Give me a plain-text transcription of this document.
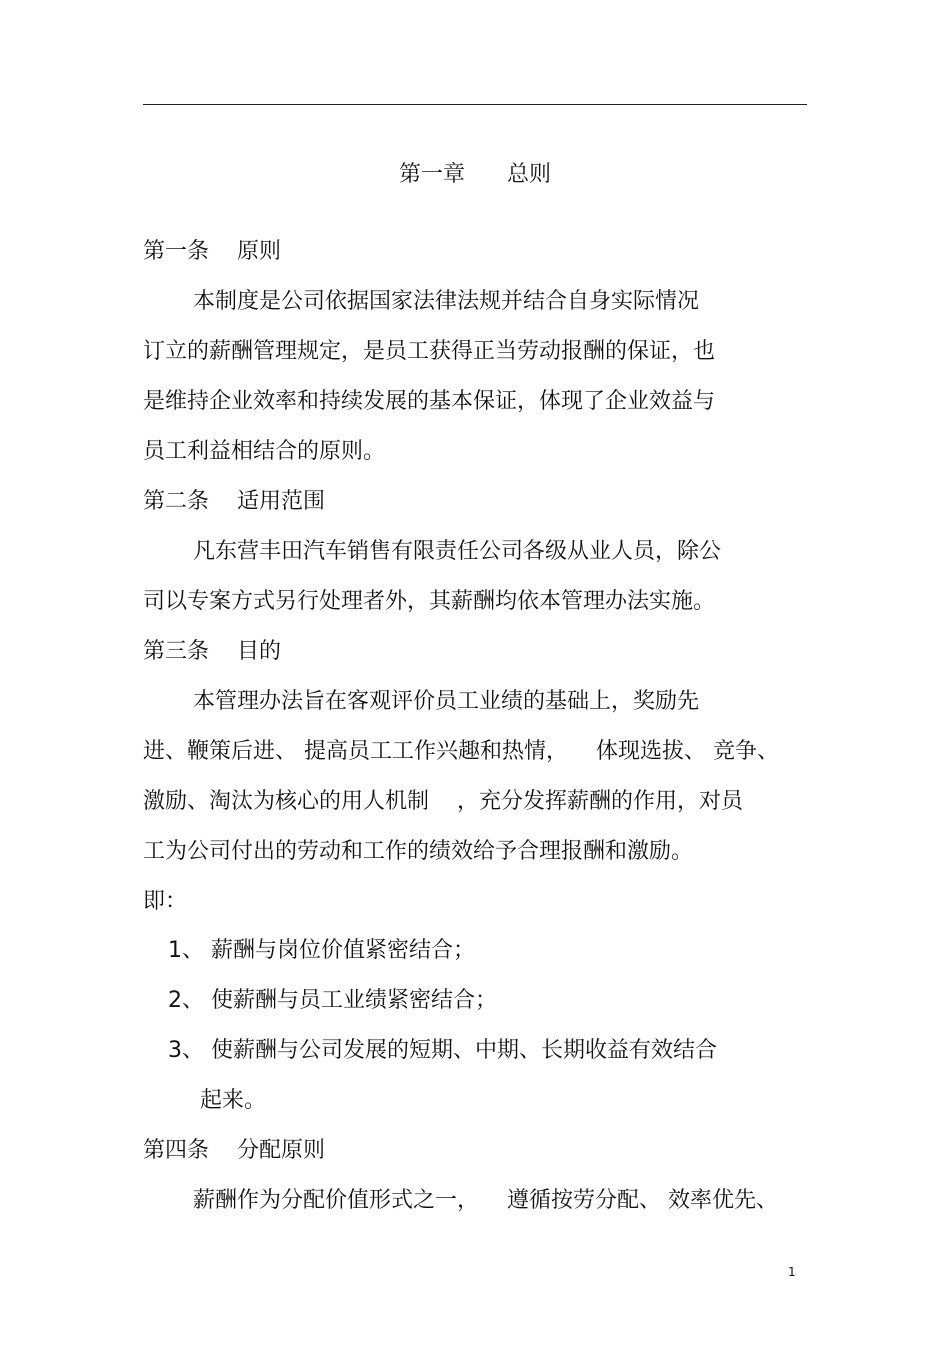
第一章      总则
第一条    原则
本制度是公司依据国家法律法规并结合自身实际情况
订立的薪酬管理规定，是员工获得正当劳动报酬的保证，也
是维持企业效率和持续发展的基本保证，体现了企业效益与
员工利益相结合的原则。
第二条    适用范围
凡东营丰田汽车销售有限责任公司各级从业人员，除公
司以专案方式另行处理者外，其薪酬均依本管理办法实施。
第三条    目的
本管理办法旨在客观评价员工业绩的基础上，奖励先
进、鞭策后进、 提高员工工作兴趣和热情，    体现选拔、 竞争、
激励、淘汰为核心的用人机制    ，充分发挥薪酬的作用，对员
工为公司付出的劳动和工作的绩效给予合理报酬和激励。
即：
1、 薪酬与岗位价值紧密结合；
2、 使薪酬与员工业绩紧密结合；
3、 使薪酬与公司发展的短期、中期、长期收益有效结合
起来。
第四条    分配原则
薪酬作为分配价值形式之一，    遵循按劳分配、 效率优先、
1
